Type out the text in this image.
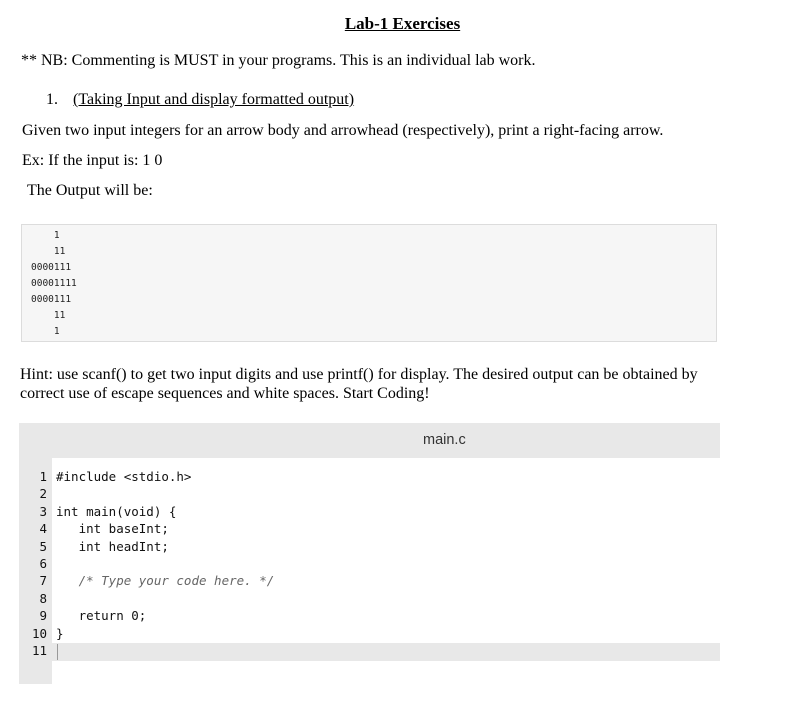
Lab-1 Exercises
** NB: Commenting is MUST in your programs. This is an individual lab work.
1. (Taking Input and display formatted output)
Given two input integers for an arrow body and arrowhead (respectively), print a right-facing arrow.
Ex: If the input is: 1 0
The Output will be:
1
11
0000111
00001111
0000111
11
1
Hint: use scanf() to get two input digits and use printf() for display. The desired output can be obtained by correct use of escape sequences and white spaces. Start Coding!
main.c
1
2
3
4
5
6
7
8
9
10
11
#include <stdio.h>
int main(void) {
int baseInt;
int headInt;
/* Type your code here. */
return 0;
}
